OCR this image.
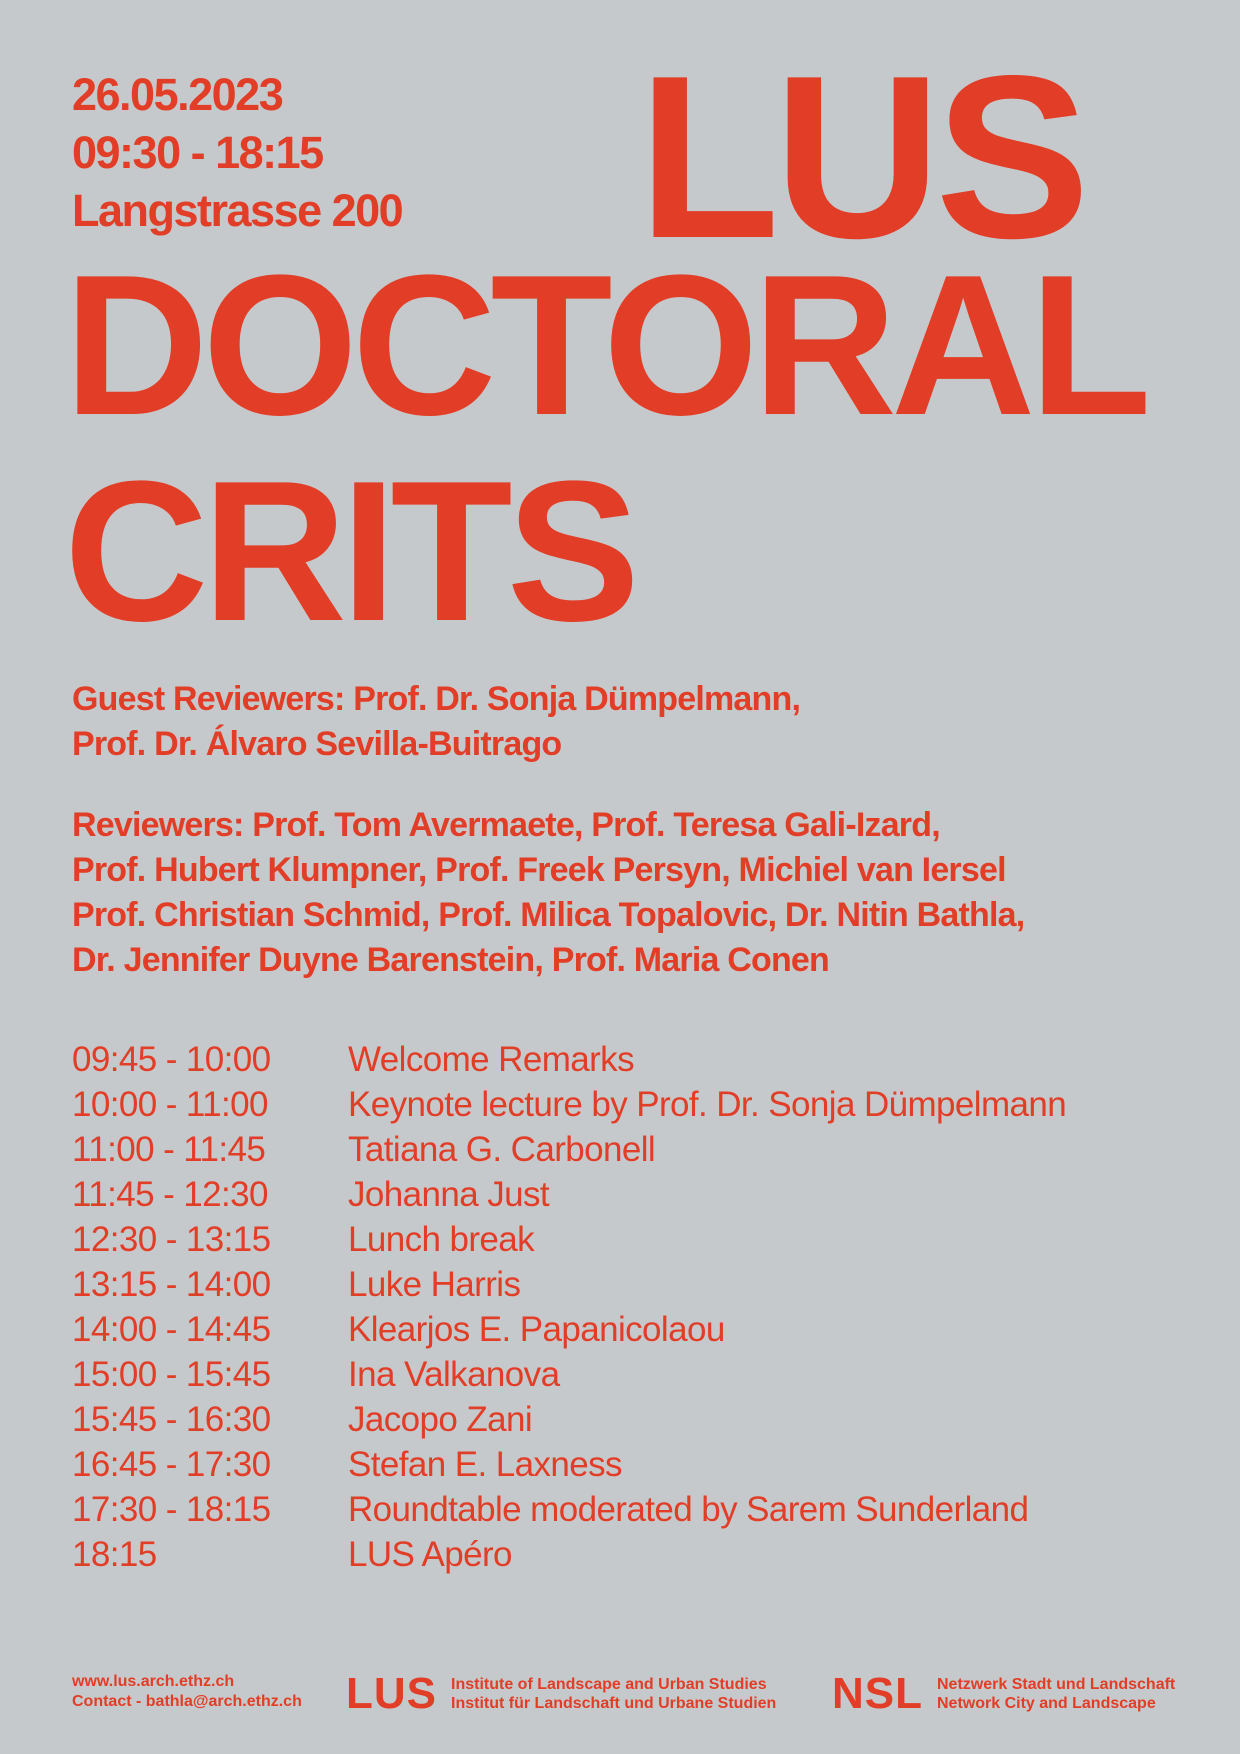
26.05.2023
09:30 - 18:15
Langstrasse 200 LUS
DOCTORAL
CRITS
Guest Reviewers: Prof. Dr. Sonja Dümpelmann,
Prof. Dr. Álvaro Sevilla-Buitrago
Reviewers: Prof. Tom Avermaete, Prof. Teresa Gali-Izard,
Prof. Hubert Klumpner, Prof. Freek Persyn, Michiel van Iersel
Prof. Christian Schmid, Prof. Milica Topalovic, Dr. Nitin Bathla,
Dr. Jennifer Duyne Barenstein, Prof. Maria Conen
09:45 - 10:00	Welcome Remarks
10:00 - 11:00	Keynote lecture by Prof. Dr. Sonja Dümpelmann
11:00 - 11:45	Tatiana G. Carbonell
11:45 - 12:30	Johanna Just
12:30 - 13:15	Lunch break
13:15 - 14:00	Luke Harris
14:00 - 14:45	Klearjos E. Papanicolaou
15:00 - 15:45	Ina Valkanova
15:45 - 16:30	Jacopo Zani
16:45 - 17:30	Stefan E. Laxness
17:30 - 18:15	Roundtable moderated by Sarem Sunderland
18:15	LUS Apéro
www.lus.arch.ethz.ch
Contact - bathla@arch.ethz.ch LUS Institute of Landscape and Urban Studies
Institut für Landschaft und Urbane Studien NSL Netzwerk Stadt und Landschaft
Network City and Landscape
